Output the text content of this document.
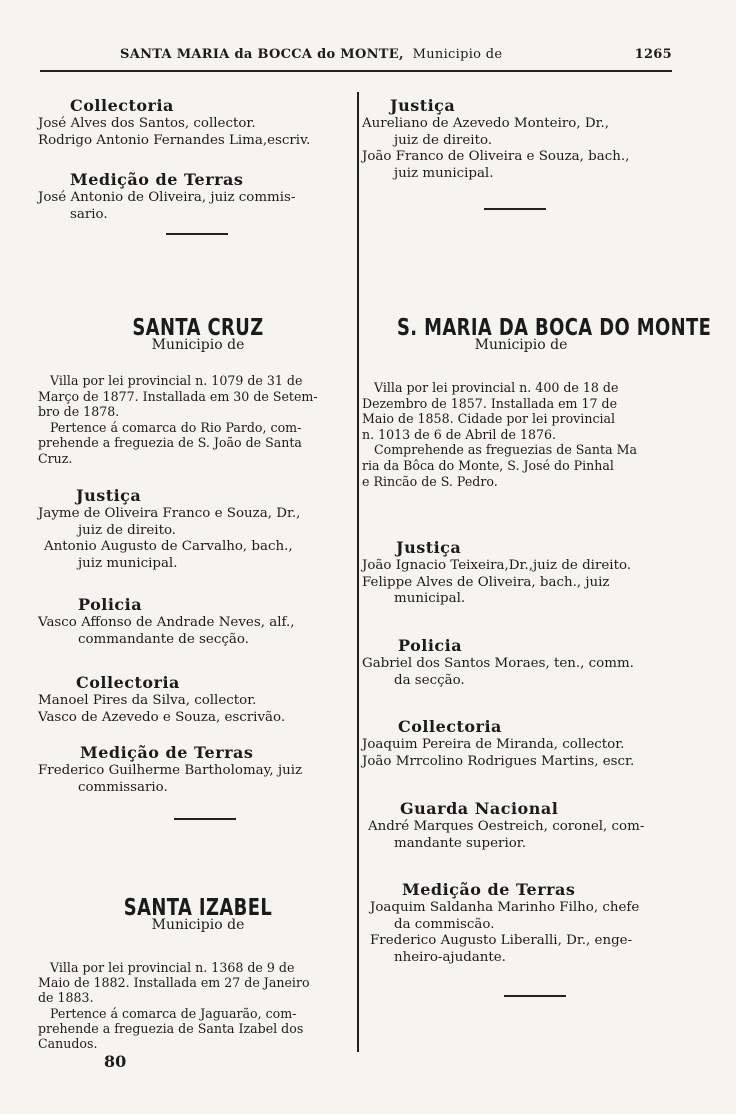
SANTA MARIA da BOCCA do MONTE, Municipio de	1265
Collectoria
José Alves dos Santos, collector.
Rodrigo Antonio Fernandes Lima,escriv.
Medição de Terras
José Antonio de Oliveira, juiz commis-
sario.
SANTA CRUZ
Municipio de
Villa por lei provincial n. 1079 de 31 de
Março de 1877. Installada em 30 de Setem-
bro de 1878.
Pertence á comarca do Rio Pardo, com-
prehende a freguezia de S. João de Santa
Cruz.
Justiça
Jayme de Oliveira Franco e Souza, Dr.,
juiz de direito.
Antonio Augusto de Carvalho, bach.,
juiz municipal.
Policia
Vasco Affonso de Andrade Neves, alf.,
commandante de secção.
Collectoria
Manoel Pires da Silva, collector.
Vasco de Azevedo e Souza, escrivão.
Medição de Terras
Frederico Guilherme Bartholomay, juiz
commissario.
SANTA IZABEL
Municipio de
Villa por lei provincial n. 1368 de 9 de
Maio de 1882. Installada em 27 de Janeiro
de 1883.
Pertence á comarca de Jaguarão, com-
prehende a freguezia de Santa Izabel dos
Canudos.
80
Justiça
Aureliano de Azevedo Monteiro, Dr.,
juiz de direito.
João Franco de Oliveira e Souza, bach.,
juiz municipal.
S. MARIA DA BOCA DO MONTE
Municipio de
Villa por lei provincial n. 400 de 18 de
Dezembro de 1857. Installada em 17 de
Maio de 1858. Cidade por lei provincial
n. 1013 de 6 de Abril de 1876.
Comprehende as freguezias de Santa Ma
ria da Bôca do Monte, S. José do Pinhal
e Rincão de S. Pedro.
Justiça
João Ignacio Teixeira,Dr.,juiz de direito.
Felippe Alves de Oliveira, bach., juiz
municipal.
Policia
Gabriel dos Santos Moraes, ten., comm.
da secção.
Collectoria
Joaquim Pereira de Miranda, collector.
João Mrrcolino Rodrigues Martins, escr.
Guarda Nacional
André Marques Oestreich, coronel, com-
mandante superior.
Medição de Terras
Joaquim Saldanha Marinho Filho, chefe
da commiscão.
Frederico Augusto Liberalli, Dr., enge-
nheiro-ajudante.
